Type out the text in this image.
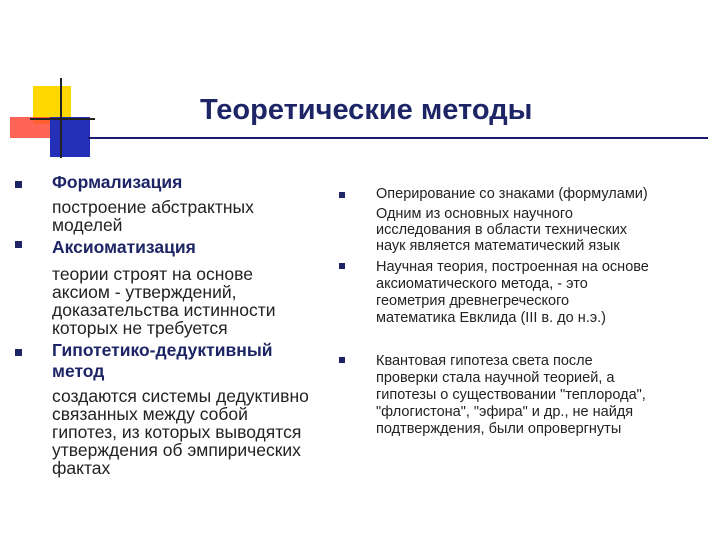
Теоретические методы
Формализация
построение абстрактных
моделей
Аксиоматизация
теории строят на основе
аксиом - утверждений,
доказательства истинности
которых не требуется
Гипотетико-дедуктивный
метод
создаются системы дедуктивно
связанных между собой
гипотез, из которых выводятся
утверждения об эмпирических
фактах
Оперирование со знаками (формулами)
Одним из основных научного
исследования в области технических
наук является математический язык
Научная теория, построенная на основе
аксиоматического метода, - это
геометрия древнегреческого
математика Евклида (III в. до н.э.)
Квантовая гипотеза света после
проверки стала научной теорией, а
гипотезы о существовании "теплорода",
"флогистона", "эфира" и др., не найдя
подтверждения, были опровергнуты
